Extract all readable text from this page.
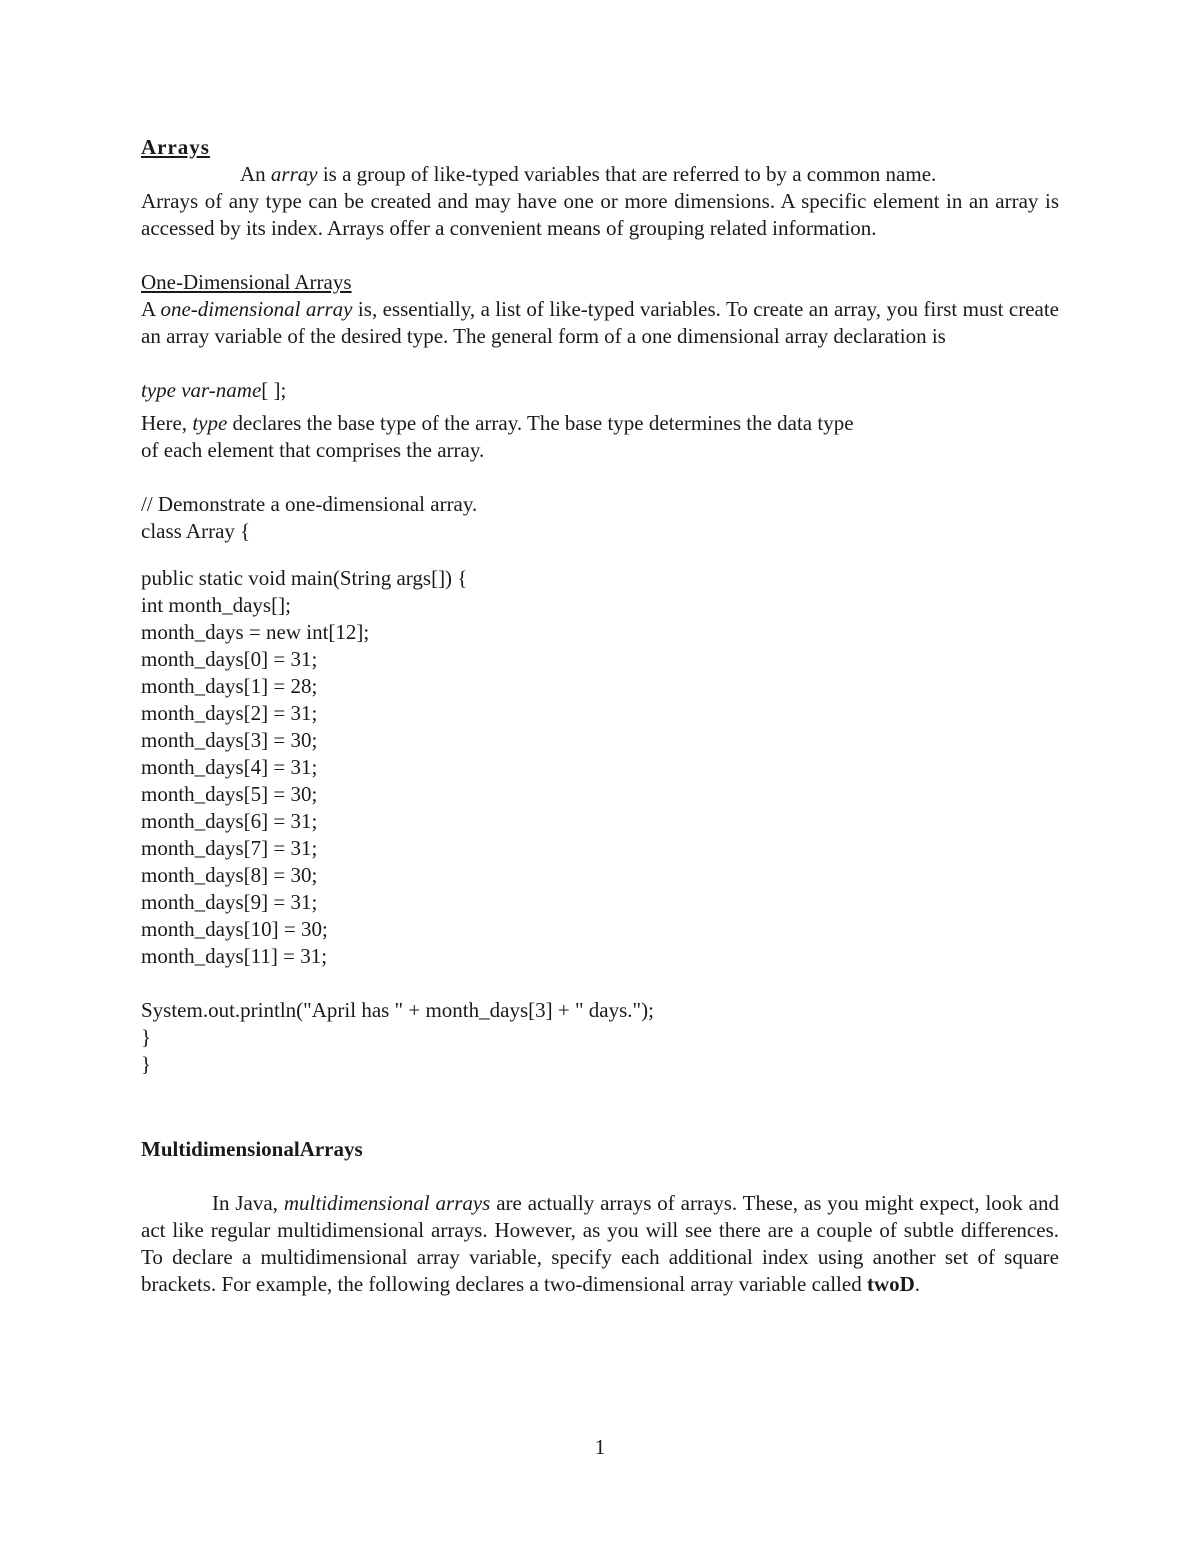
Arrays
An array is a group of like-typed variables that are referred to by a common name.
Arrays of any type can be created and may have one or more dimensions. A specific element in an array is accessed by its index. Arrays offer a convenient means of grouping related information.
One-Dimensional Arrays
A one-dimensional array is, essentially, a list of like-typed variables. To create an array, you first must create an array variable of the desired type. The general form of a one dimensional array declaration is
type var-name[ ];
Here, type declares the base type of the array. The base type determines the data type
of each element that comprises the array.
// Demonstrate a one-dimensional array.
class Array {
public static void main(String args[]) {
int month_days[];
month_days = new int[12];
month_days[0] = 31;
month_days[1] = 28;
month_days[2] = 31;
month_days[3] = 30;
month_days[4] = 31;
month_days[5] = 30;
month_days[6] = 31;
month_days[7] = 31;
month_days[8] = 30;
month_days[9] = 31;
month_days[10] = 30;
month_days[11] = 31;
System.out.println("April has " + month_days[3] + " days.");
}
}
MultidimensionalArrays
In Java, multidimensional arrays are actually arrays of arrays. These, as you might expect, look and act like regular multidimensional arrays. However, as you will see there are a couple of subtle differences. To declare a multidimensional array variable, specify each additional index using another set of square brackets. For example, the following declares a two-dimensional array variable called twoD.
1
